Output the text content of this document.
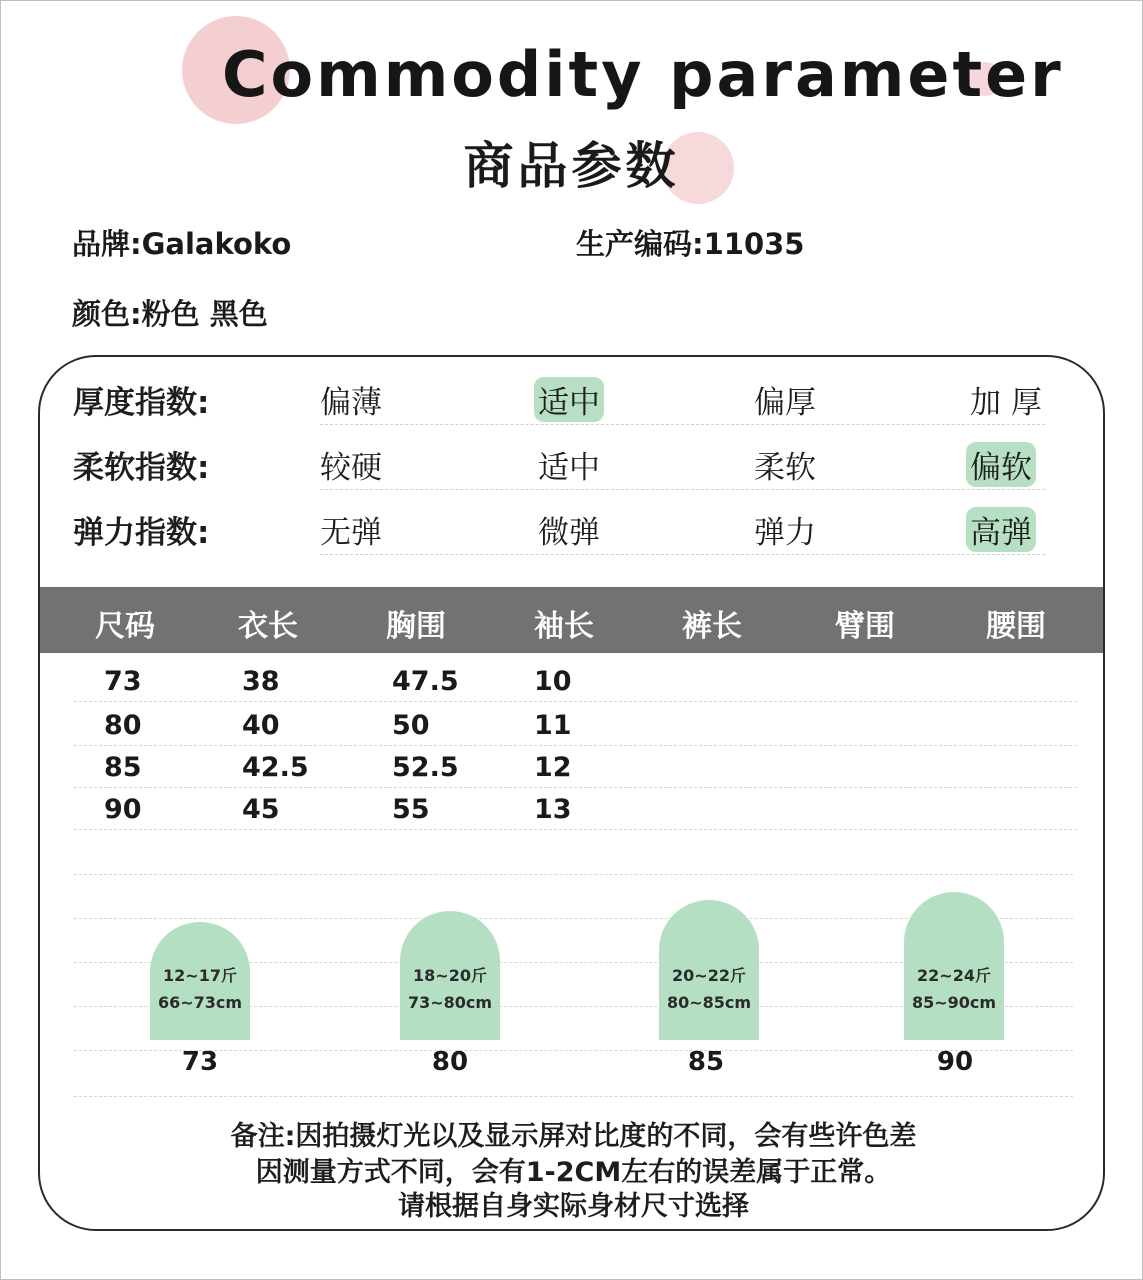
Commodity parameter
商品参数
品牌:Galakoko	生产编码:11035
颜色:粉色 黑色
厚度指数:	偏薄	适中	偏厚	加 厚
柔软指数:	较硬	适中	柔软	偏软
弹力指数:	无弹	微弹	弹力	高弹
尺码	衣长	胸围	袖长	裤长	臂围	腰围
73	38	47.5	10
80	40	50	11
85	42.5	52.5	12
90	45	55	13
12~17斤
66~73cm
73
18~20斤
73~80cm
80
20~22斤
80~85cm
85
22~24斤
85~90cm
90
备注:因拍摄灯光以及显示屏对比度的不同，会有些许色差
因测量方式不同，会有1-2CM左右的误差属于正常。
请根据自身实际身材尺寸选择
